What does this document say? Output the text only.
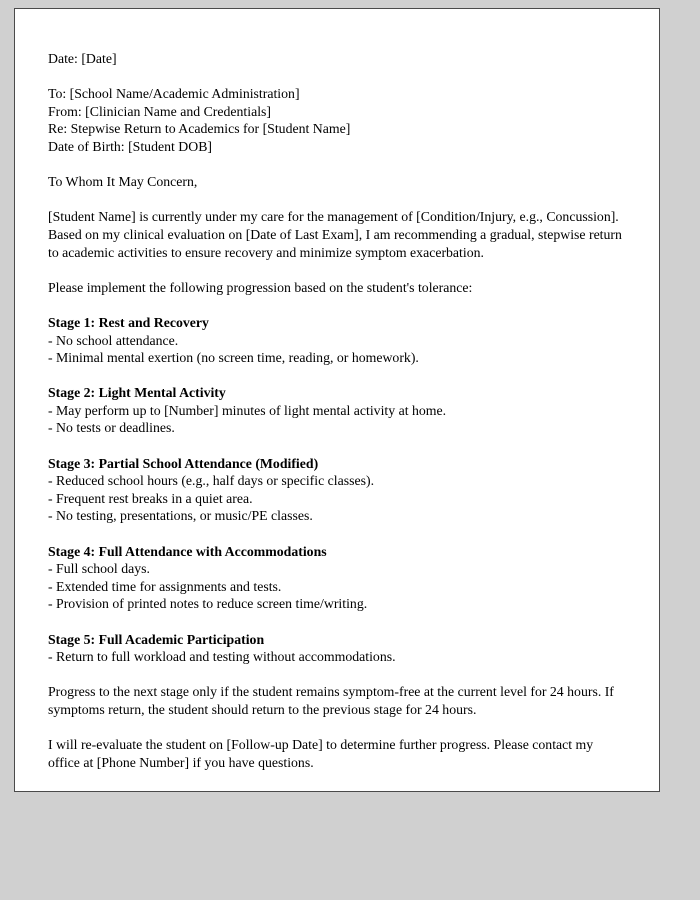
Date: [Date]
To: [School Name/Academic Administration]
From: [Clinician Name and Credentials]
Re: Stepwise Return to Academics for [Student Name]
Date of Birth: [Student DOB]
To Whom It May Concern,
[Student Name] is currently under my care for the management of [Condition/Injury, e.g., Concussion]. Based on my clinical evaluation on [Date of Last Exam], I am recommending a gradual, stepwise return to academic activities to ensure recovery and minimize symptom exacerbation.
Please implement the following progression based on the student's tolerance:
Stage 1: Rest and Recovery
- No school attendance.
- Minimal mental exertion (no screen time, reading, or homework).
Stage 2: Light Mental Activity
- May perform up to [Number] minutes of light mental activity at home.
- No tests or deadlines.
Stage 3: Partial School Attendance (Modified)
- Reduced school hours (e.g., half days or specific classes).
- Frequent rest breaks in a quiet area.
- No testing, presentations, or music/PE classes.
Stage 4: Full Attendance with Accommodations
- Full school days.
- Extended time for assignments and tests.
- Provision of printed notes to reduce screen time/writing.
Stage 5: Full Academic Participation
- Return to full workload and testing without accommodations.
Progress to the next stage only if the student remains symptom-free at the current level for 24 hours. If symptoms return, the student should return to the previous stage for 24 hours.
I will re-evaluate the student on [Follow-up Date] to determine further progress. Please contact my office at [Phone Number] if you have questions.
